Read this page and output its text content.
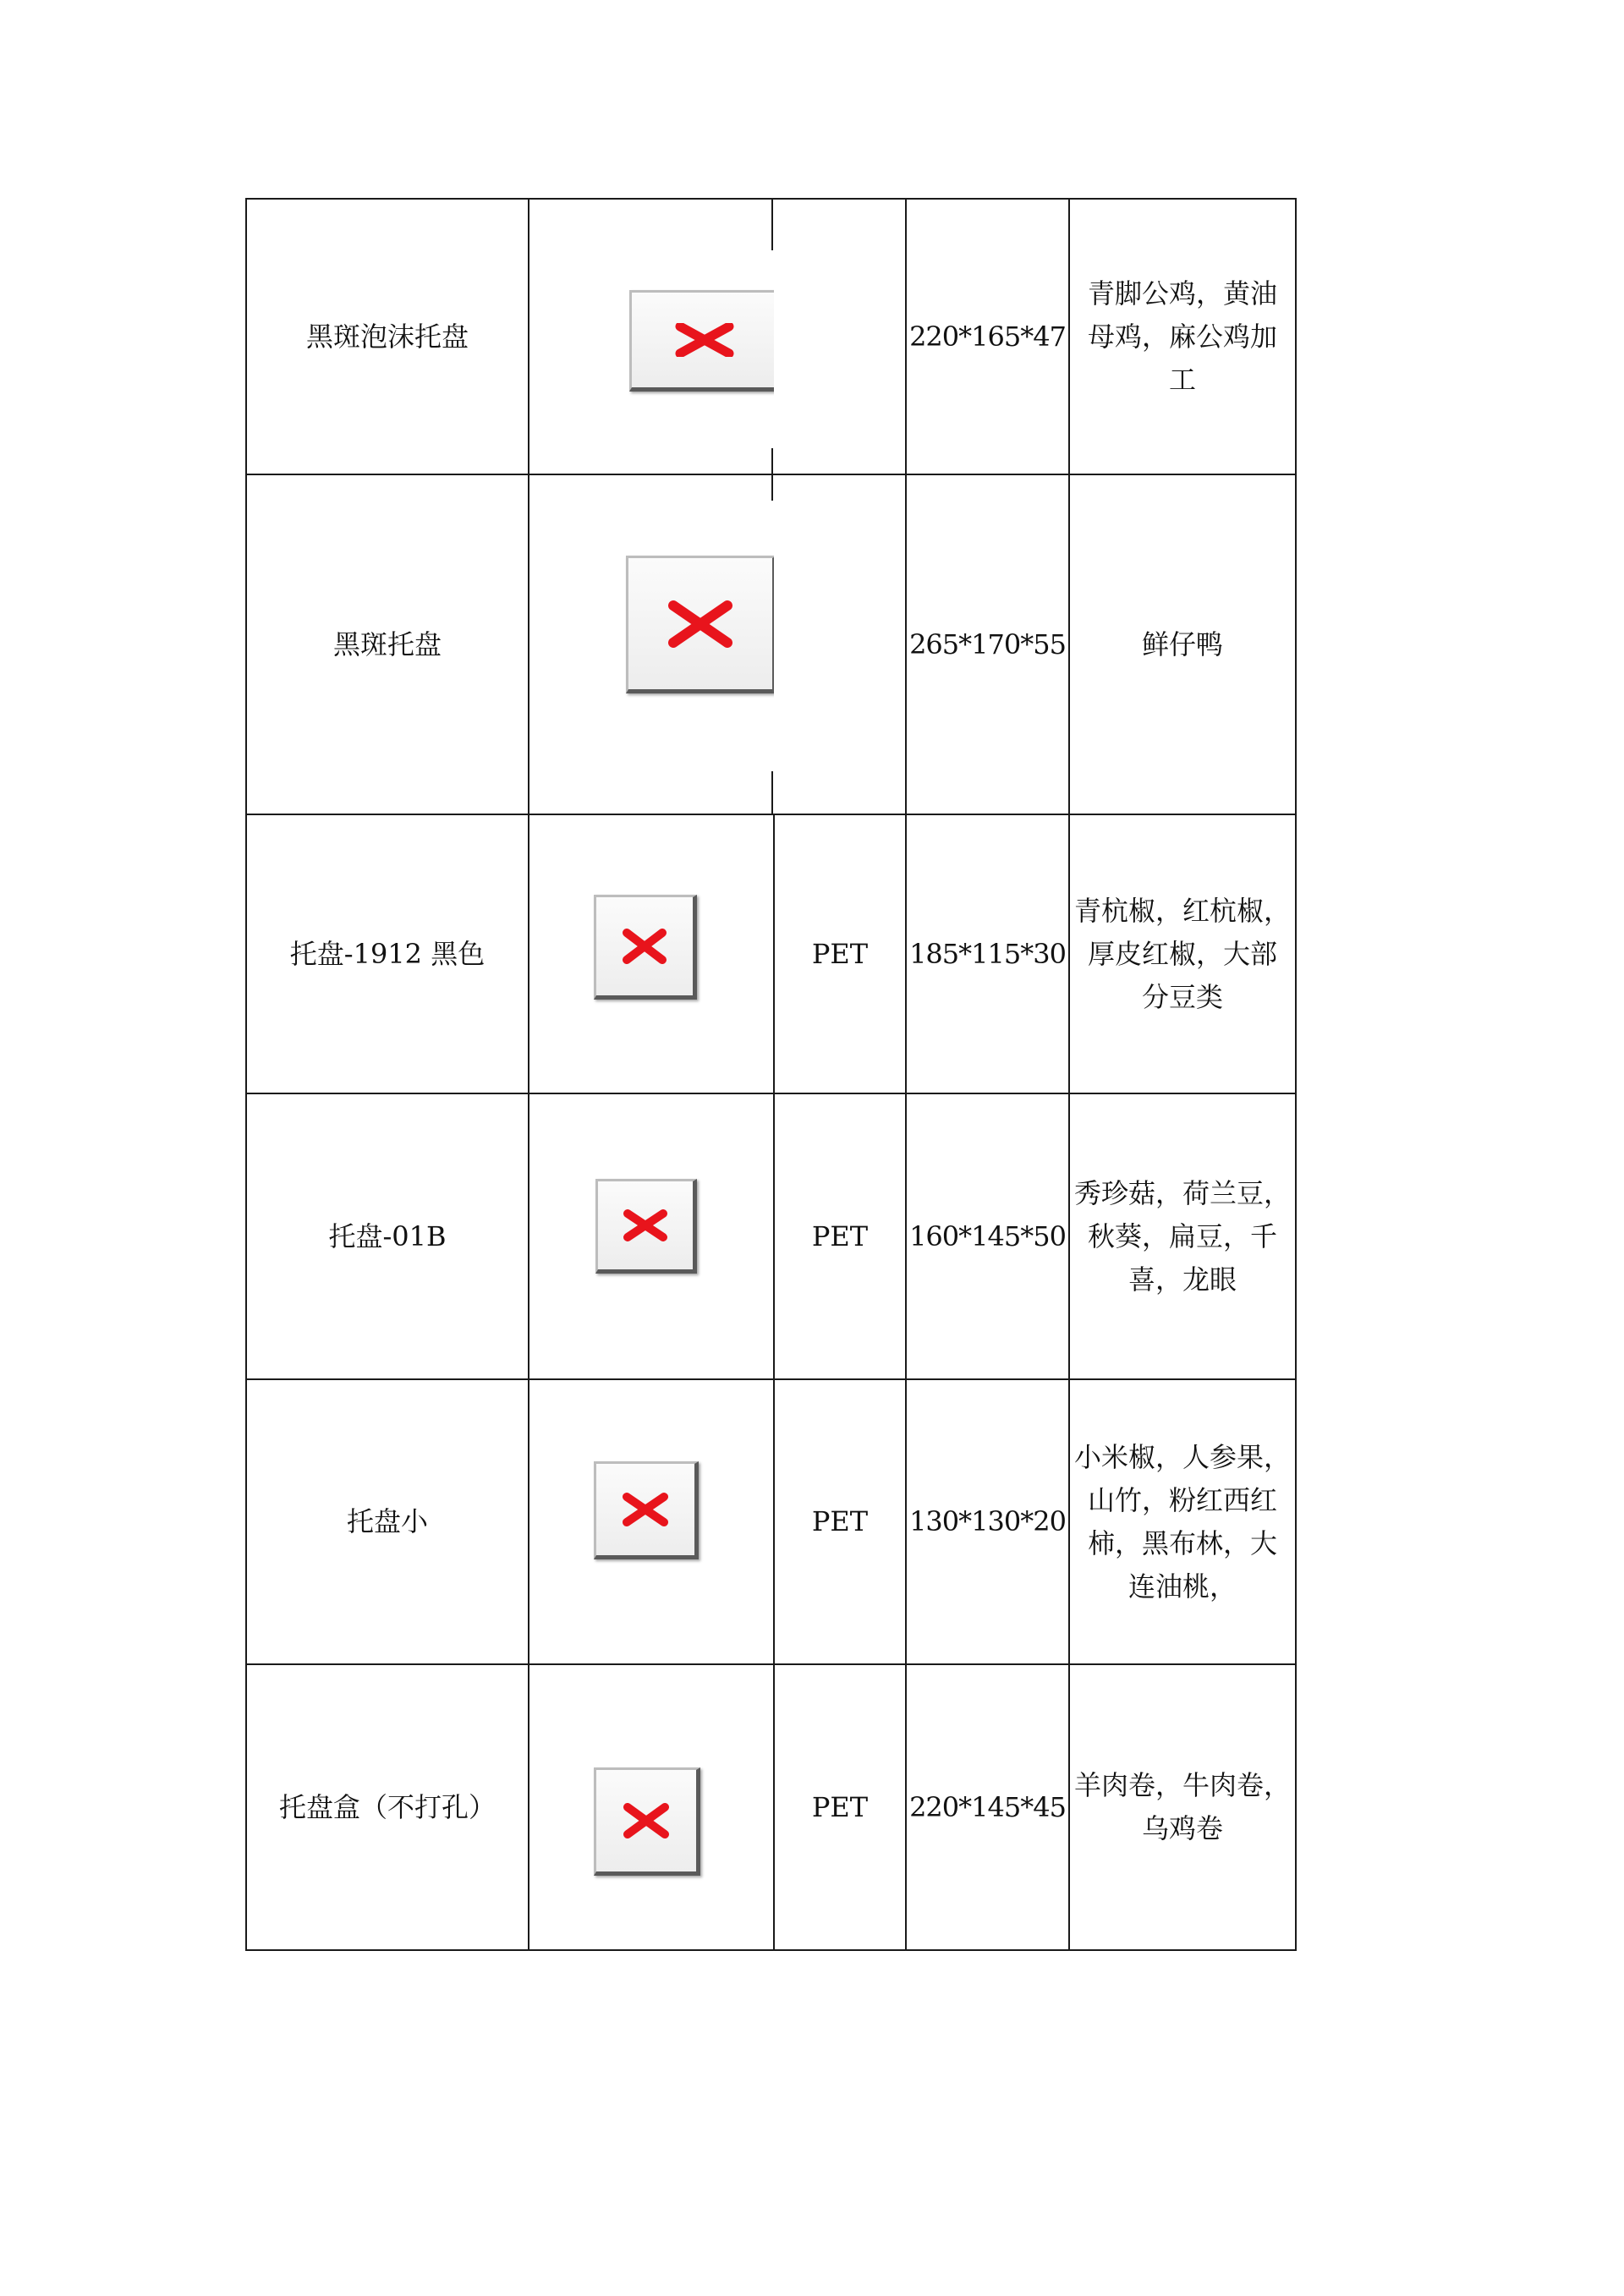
黑斑泡沫托盘			220*165*47	青脚公鸡，黄油
母鸡，麻公鸡加
工
黑斑托盘			265*170*55	鲜仔鸭
托盘-1912 黑色		PET	185*115*30	青杭椒，红杭椒，
厚皮红椒，大部
分豆类
托盘-01B		PET	160*145*50	秀珍菇，荷兰豆，
秋葵，扁豆，千
喜，龙眼
托盘小		PET	130*130*20	小米椒，人参果，
山竹，粉红西红
柿，黑布林，大
连油桃，
托盘盒（不打孔）		PET	220*145*45	羊肉卷，牛肉卷，
乌鸡卷
